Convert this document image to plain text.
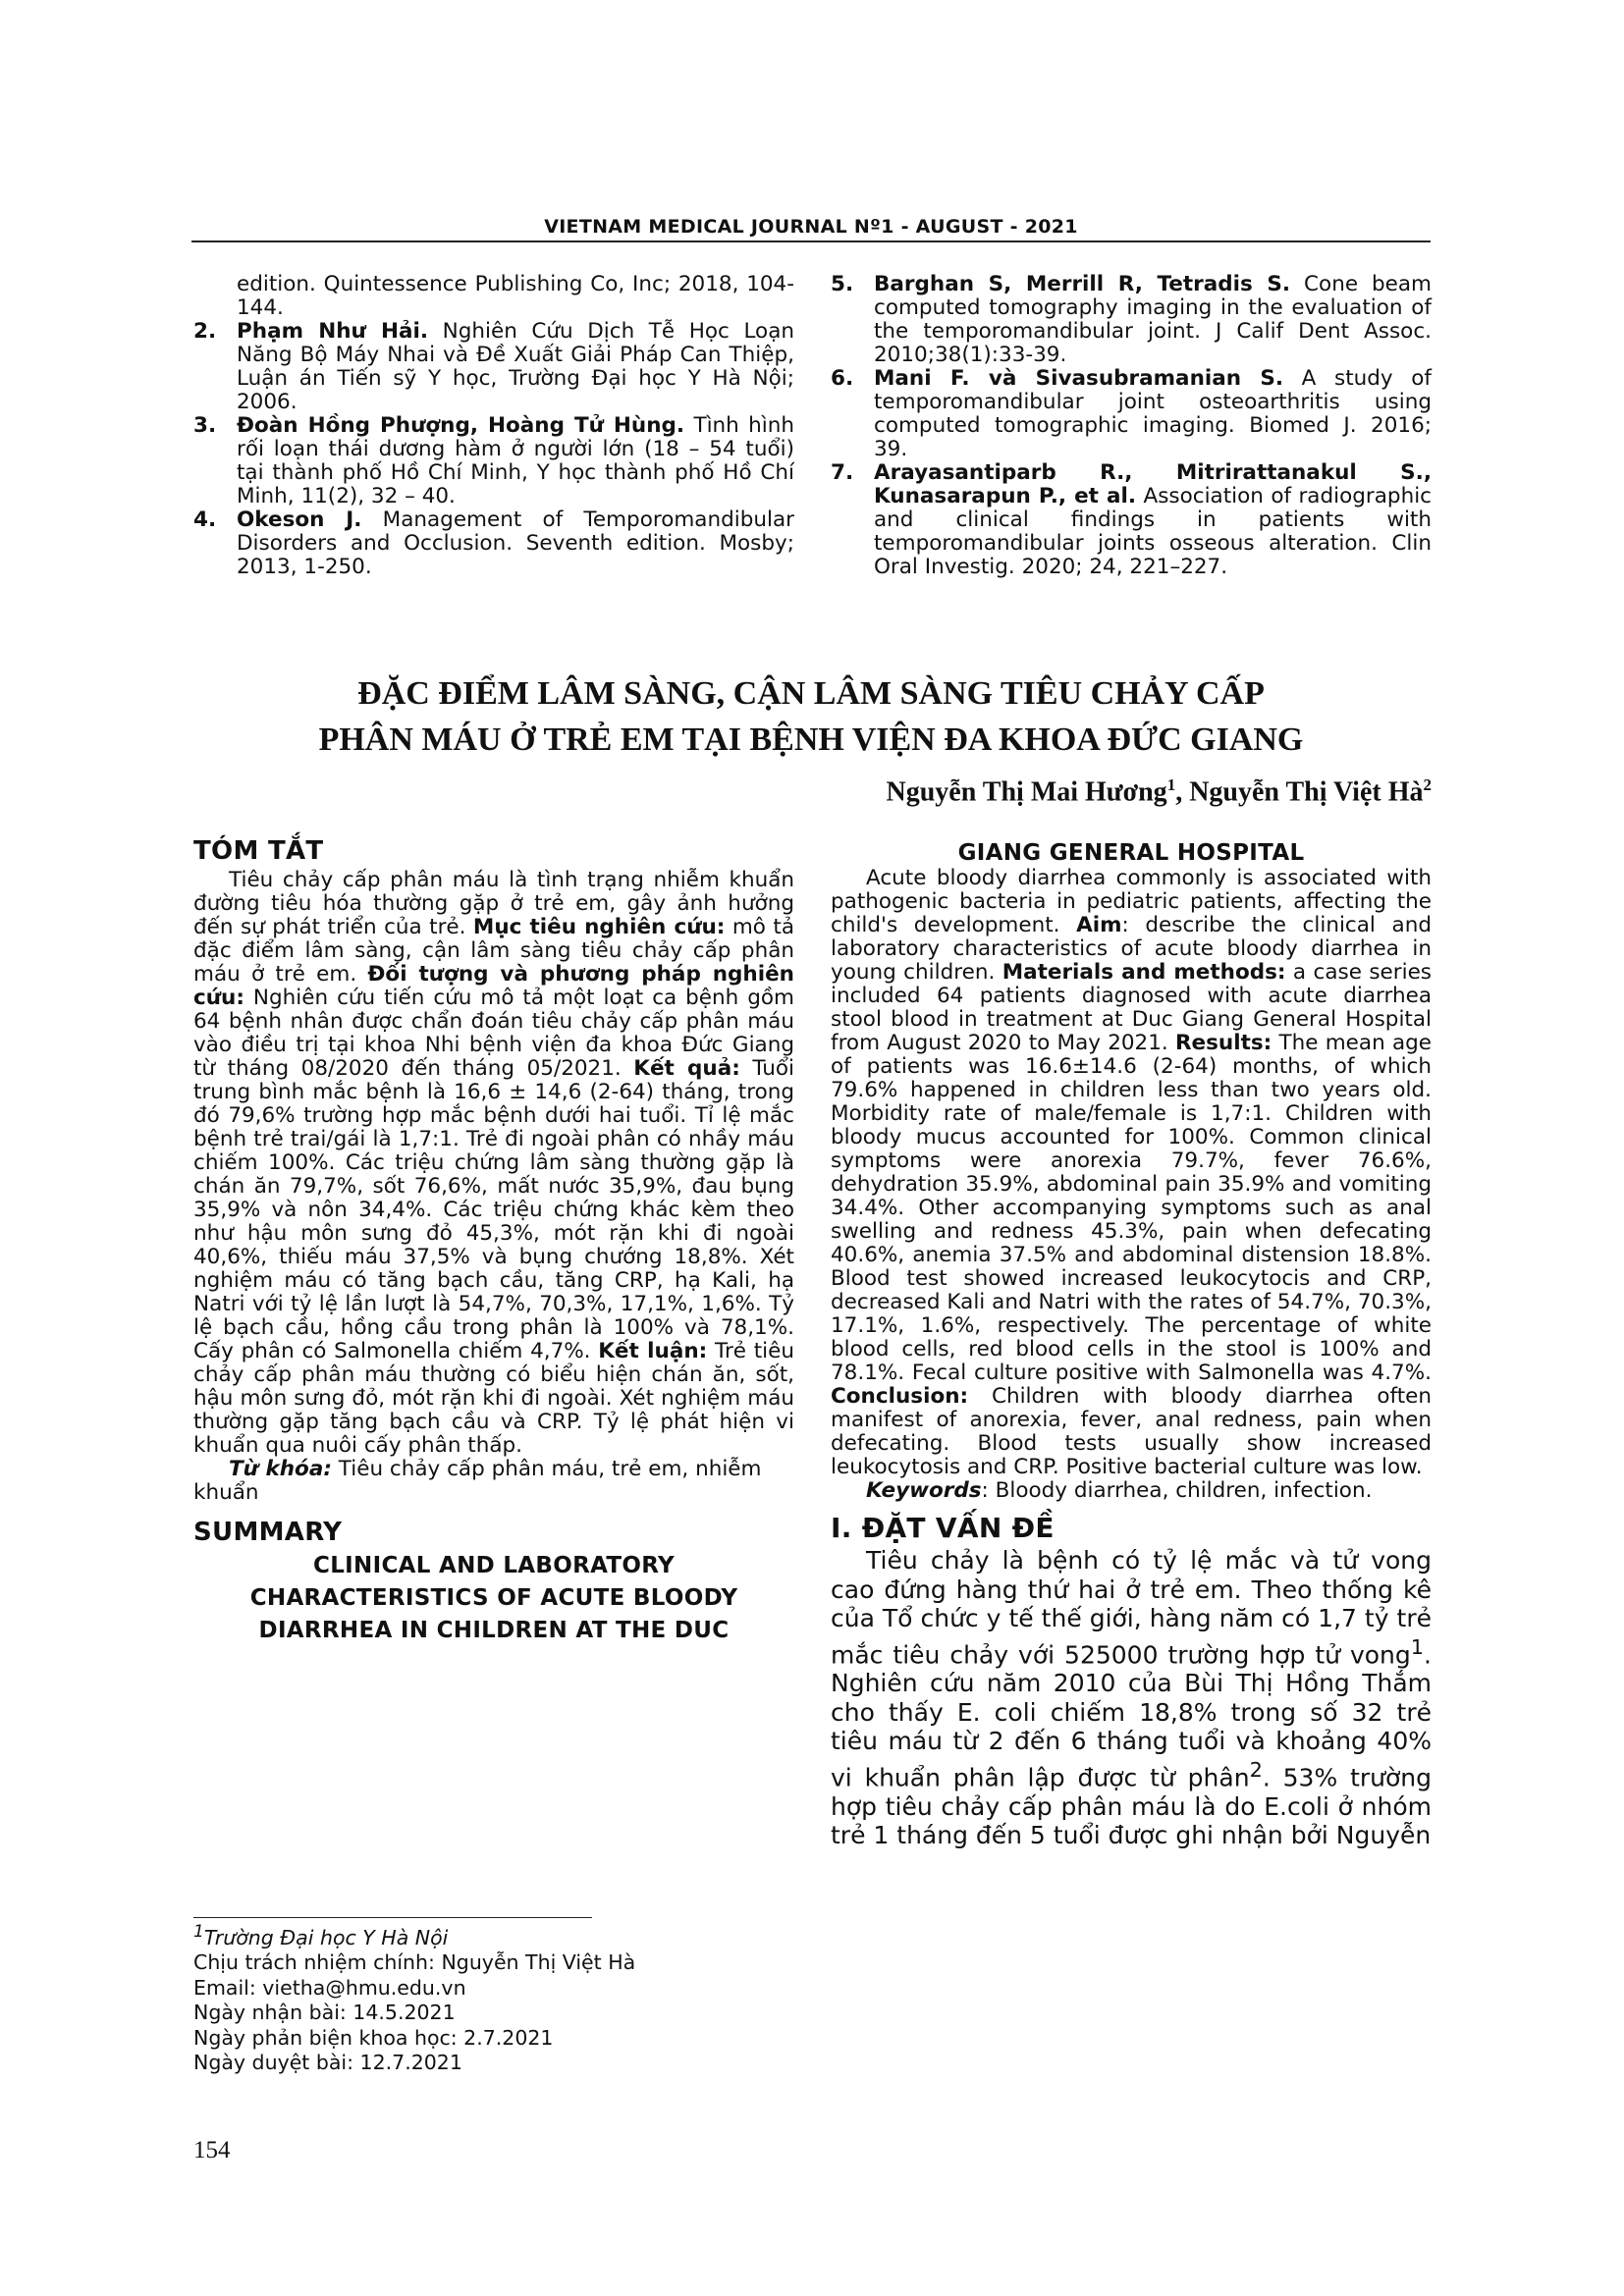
VIETNAM MEDICAL JOURNAL Nº1 - AUGUST - 2021
edition. Quintessence Publishing Co, Inc; 2018, 104-144.
2. Phạm Như Hải. Nghiên Cứu Dịch Tễ Học Loạn Năng Bộ Máy Nhai và Đề Xuất Giải Pháp Can Thiệp, Luận án Tiến sỹ Y học, Trường Đại học Y Hà Nội; 2006.
3. Đoàn Hồng Phượng, Hoàng Tử Hùng. Tình hình rối loạn thái dương hàm ở người lớn (18 – 54 tuổi) tại thành phố Hồ Chí Minh, Y học thành phố Hồ Chí Minh, 11(2), 32 – 40.
4. Okeson J. Management of Temporomandibular Disorders and Occlusion. Seventh edition. Mosby; 2013, 1-250.
5. Barghan S, Merrill R, Tetradis S. Cone beam computed tomography imaging in the evaluation of the temporomandibular joint. J Calif Dent Assoc. 2010;38(1):33-39.
6. Mani F. và Sivasubramanian S. A study of temporomandibular joint osteoarthritis using computed tomographic imaging. Biomed J. 2016; 39.
7. Arayasantiparb R., Mitrirattanakul S., Kunasarapun P., et al. Association of radiographic and clinical findings in patients with temporomandibular joints osseous alteration. Clin Oral Investig. 2020; 24, 221–227.
ĐẶC ĐIỂM LÂM SÀNG, CẬN LÂM SÀNG TIÊU CHẢY CẤP
PHÂN MÁU Ở TRẺ EM TẠI BỆNH VIỆN ĐA KHOA ĐỨC GIANG
Nguyễn Thị Mai Hương$^1$, Nguyễn Thị Việt $Hà^2$
TÓM TẮT

Tiêu chảy cấp phân máu là tình trạng nhiễm khuẩn đường tiêu hóa thường gặp ở trẻ em, gây ảnh hưởng đến sự phát triển của trẻ. Mục tiêu nghiên cứu: mô tả đặc điểm lâm sàng, cận lâm sàng tiêu chảy cấp phân máu ở trẻ em. Đối tượng và phương pháp nghiên cứu: Nghiên cứu tiến cứu mô tả một loạt ca bệnh gồm 64 bệnh nhân được chẩn đoán tiêu chảy cấp phân máu vào điều trị tại khoa Nhi bệnh viện đa khoa Đức Giang từ tháng 08/2020 đến tháng 05/2021. Kết quả: Tuổi trung bình mắc bệnh là 16,6 ± 14,6 (2-64) tháng, trong đó 79,6% trường hợp mắc bệnh dưới hai tuổi. Tỉ lệ mắc bệnh trẻ trai/gái là 1,7:1. Trẻ đi ngoài phân có nhầy máu chiếm 100%. Các triệu chứng lâm sàng thường gặp là chán ăn 79,7%, sốt 76,6%, mất nước 35,9%, đau bụng 35,9% và nôn 34,4%. Các triệu chứng khác kèm theo như hậu môn sưng đỏ 45,3%, mót rặn khi đi ngoài 40,6%, thiếu máu 37,5% và bụng chướng 18,8%. Xét nghiệm máu có tăng bạch cầu, tăng CRP, hạ Kali, hạ Natri với tỷ lệ lần lượt là 54,7%, 70,3%, 17,1%, 1,6%. Tỷ lệ bạch cầu, hồng cầu trong phân là 100% và 78,1%. Cấy phân có Salmonella chiếm 4,7%. Kết luận: Trẻ tiêu chảy cấp phân máu thường có biểu hiện chán ăn, sốt, hậu môn sưng đỏ, mót rặn khi đi ngoài. Xét nghiệm máu thường gặp tăng bạch cầu và CRP. Tỷ lệ phát hiện vi khuẩn qua nuôi cấy phân thấp.

Từ khóa: Tiêu chảy cấp phân máu, trẻ em, nhiễm khuẩn

SUMMARY
CLINICAL AND LABORATORY
CHARACTERISTICS OF ACUTE BLOODY
DIARRHEA IN CHILDREN AT THE DUC
GIANG GENERAL HOSPITAL

Acute bloody diarrhea commonly is associated with pathogenic bacteria in pediatric patients, affecting the child's development. Aim: describe the clinical and laboratory characteristics of acute bloody diarrhea in young children. Materials and methods: a case series included 64 patients diagnosed with acute diarrhea stool blood in treatment at Duc Giang General Hospital from August 2020 to May 2021. Results: The mean age of patients was 16.6±14.6 (2-64) months, of which 79.6% happened in children less than two years old. Morbidity rate of male/female is 1,7:1. Children with bloody mucus accounted for 100%. Common clinical symptoms were anorexia 79.7%, fever 76.6%, dehydration 35.9%, abdominal pain 35.9% and vomiting 34.4%. Other accompanying symptoms such as anal swelling and redness 45.3%, pain when defecating 40.6%, anemia 37.5% and abdominal distension 18.8%. Blood test showed increased leukocytocis and CRP, decreased Kali and Natri with the rates of 54.7%, 70.3%, 17.1%, 1.6%, respectively. The percentage of white blood cells, red blood cells in the stool is 100% and 78.1%. Fecal culture positive with Salmonella was 4.7%. Conclusion: Children with bloody diarrhea often manifest of anorexia, fever, anal redness, pain when defecating. Blood tests usually show increased leukocytosis and CRP. Positive bacterial culture was low.

Keywords: Bloody diarrhea, children, infection.

I. ĐẶT VẤN ĐỀ

Tiêu chảy là bệnh có tỷ lệ mắc và tử vong cao đứng hàng thứ hai ở trẻ em. Theo thống kê của Tổ chức y tế thế giới, hàng năm có 1,7 tỷ trẻ mắc tiêu chảy với 525000 trường hợp tử vong$^1$. Nghiên cứu năm 2010 của Bùi Thị Hồng Thắm cho thấy E. coli chiếm 18,8% trong số 32 trẻ tiêu máu từ 2 đến 6 tháng tuổi và khoảng 40% vi khuẩn phân lập được từ phân$^2$. 53% trường hợp tiêu chảy cấp phân máu là do E.coli ở nhóm trẻ 1 tháng đến 5 tuổi được ghi nhận bởi Nguyễn

$^1$Trường Đại học Y Hà Nội
Chịu trách nhiệm chính: Nguyễn Thị Việt Hà
Email: vietha@hmu.edu.vn
Ngày nhận bài: 14.5.2021
Ngày phản biện khoa học: 2.7.2021
Ngày duyệt bài: 12.7.2021
154
